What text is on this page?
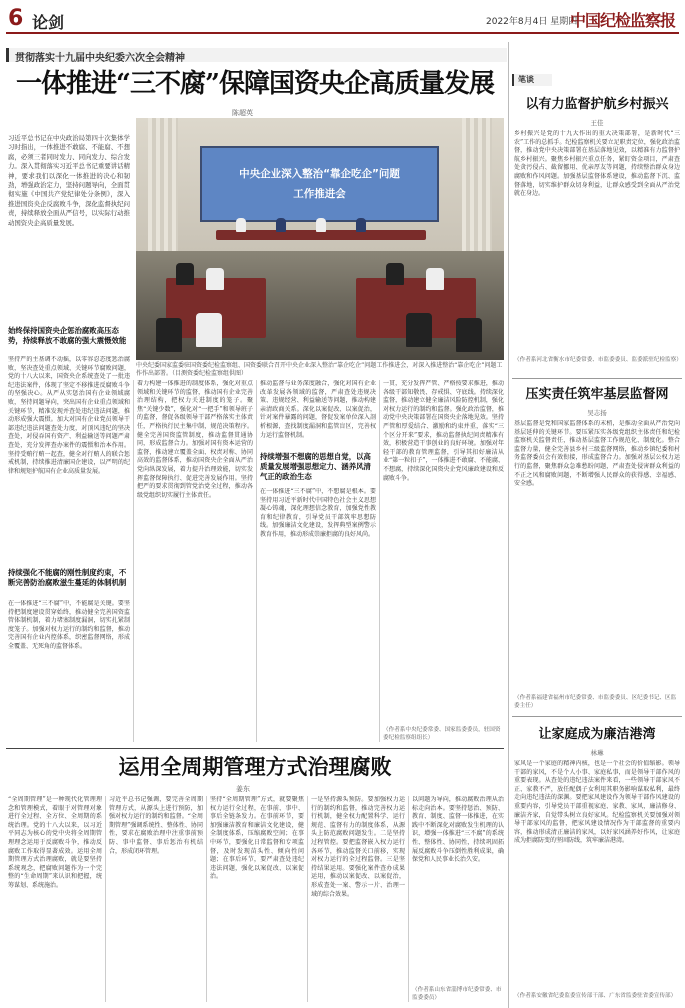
6 论剑	2022年8月4日 星期四
中国纪检监察报
贯彻落实十九届中央纪委六次全会精神
一体推进“三不腐”保障国资央企高质量发展
陈超英
习近平总书记在中央政治局第四十次集体学习时指出，一体推进不敢腐、不能腐、不想腐，必须三者同时发力、同向发力、综合发力。深入贯彻落实习近平总书记重要讲话精神，要求我们以深化一体推进的决心和韧劲，增强政治定力，坚持问题导向，全面贯彻实施《中国共产党纪律处分条例》，深入推进国资央企反腐败斗争，深化监督执纪问责，持续释放全面从严信号，以实际行动推动国资央企高质量发展。
中央企业深入整治“靠企吃企”问题
工作推进会
中央纪委国家监委驻国资委纪检监察组、国资委联合召开中央企业深入整治“靠企吃企”问题工作推进会，对深入推进整治“靠企吃企”问题工作作出部署。（目测资委纪检监察组供图）
始终保持国资央企惩治腐败高压态势，持续释放不敢腐的强大震慑效能
坚持严的主基调不动摇，以零容忍态度惩治腐败，坚决查处重点领域、关键环节腐败问题，党的十八大以来，国资央企系统查处了一批违纪违法案件，体现了坚定不移推进反腐败斗争的坚强决心。从严从实惩治国有企业领域腐败，坚持问题导向，突出国有企业重点领域和关键环节，精准发现并查处违纪违法问题，推动形成强大震慑。加大对国有企业党员领导干部违纪违法问题查处力度，对顶风违纪的坚决查处，对侵吞国有资产、利益输送等问题严肃查处，充分发挥查办案件的震慑和治本作用。坚持受贿行贿一起查，健全对行贿人的联合惩戒机制，持续推进清廉国企建设，以严明的纪律和规矩护航国有企业高质量发展。
持续强化不能腐的刚性制度约束，不断完善防治腐败滋生蔓延的体制机制
在一体推进“三不腐”中，不能腐是关键。要坚持把制度建设贯穿始终，推动健全完善国资监管体制机制，着力堵塞制度漏洞，切实扎紧制度笼子。加强对权力运行的制约和监督，推动完善国有企业内控体系，织密监督网络，形成全覆盖、无死角的监督体系。
着力构建一体推进的制度体系，强化对重点领域和关键环节的监督，推动国有企业完善治理结构，把权力关进制度的笼子。聚焦“关键少数”，强化对“一把手”和领导班子的监督，督促各级领导干部严格落实主体责任，严格执行民主集中制，规范决策程序。健全完善国资监管制度，推动监督贯通协同，形成监督合力。加强对国有资本运营的监督，推动建立覆盖全面、权责对称、协同高效的监督体系，推动国资央企全面从严治党向纵深发展，着力提升治理效能，切实发挥监督保障执行、促进完善发展作用。坚持把严的要求贯彻到管党治党全过程，推动各级党组织切实履行主体责任。
推动监督与业务深度融合，强化对国有企业改革发展各领域的监督，严肃查处违规决策、违规经营、利益输送等问题，推动构建亲清政商关系。深化以案促改、以案促治，针对案件暴露的问题，督促发案单位深入剖析根源，查找制度漏洞和监管盲区，完善权力运行监督机制。
持续增强不想腐的思想自觉，以高质量发展增强思想定力、涵养风清气正的政治生态
在一体推进“三不腐”中，不想腐是根本。要坚持用习近平新时代中国特色社会主义思想凝心铸魂，深化理想信念教育，加强党性教育和纪律教育，引导党员干部筑牢思想防线。加强廉洁文化建设，发挥典型案例警示教育作用，推动形成崇廉拒腐的良好风尚。
一贯，充分发挥严管、严格按要求推进，推动各级干部知敬畏、存戒惧、守底线。持续深化监督，推动建立健全廉洁风险防控机制，强化对权力运行的制约和监督。强化政治监督，推动党中央决策部署在国资央企落地见效。坚持严管和厚爱结合、激励和约束并重，落实“三个区分开来”要求，推动监督执纪问责精准有效，积极营造干事创业的良好环境。加强对年轻干部的教育管理监督，引导其扣好廉洁从业“第一粒扣子”，一体推进不敢腐、不能腐、不想腐，持续深化国资央企党风廉政建设和反腐败斗争。
（作者系中央纪委常委、国家监委委员，驻国资委纪检监察组组长）
笔谈
以有力监督护航乡村振兴
王佳
乡村振兴是党的十九大作出的重大决策部署，是新时代“三农”工作的总抓手。纪检监察机关要立足职责定位，强化政治监督，推动党中央决策部署在基层落地见效，以精准有力监督护航乡村振兴。聚焦乡村振兴重点任务，紧盯资金项目，严肃查处贪污侵占、截留挪用、优亲厚友等问题，持续整治群众身边腐败和作风问题。加强基层监督体系建设，推动监督下沉、监督落地，切实维护群众切身利益，让群众感受到全面从严治党就在身边。
（作者系河北省衡水市纪委常委、市监委委员、监委派驻纪检监察）
压实责任筑牢基层监督网
吴志扬
基层监督是党和国家监督体系的末梢，是推动全面从严治党向基层延伸的关键环节。要压紧压实各级党组织主体责任和纪检监察机关监督责任，推动基层监督工作规范化、制度化。整合监督力量，健全完善县乡村三级监督网络，推动乡镇纪委和村务监督委员会有效衔接，形成监督合力。加强对基层公权力运行的监督，聚焦群众急难愁盼问题，严肃查处侵害群众利益的不正之风和腐败问题，不断增强人民群众的获得感、幸福感、安全感。
（作者系福建省福州市纪委常委、市监委委员、区纪委书记、区监委主任）
让家庭成为廉洁港湾
林琳
家风是一个家庭的精神内核，也是一个社会的价值缩影。领导干部的家风，不是个人小事、家庭私事，而是领导干部作风的重要表现。从查处的违纪违法案件来看，一些领导干部家风不正、家教不严，放任配偶子女利用其职务影响谋取私利，最终走向违纪违法的深渊。要把家风建设作为领导干部作风建设的重要内容，引导党员干部重视家庭、家教、家风，廉洁修身、廉洁齐家，自觉带头树立良好家风。纪检监察机关要加强对领导干部家风的监督，把家风建设情况作为干部监督的重要内容，推动形成清正廉洁的家风，以好家风涵养好作风，让家庭成为拒腐防变的坚固防线，筑牢廉洁港湾。
（作者系安徽省纪委监委宣传部干部、广东省监委驻省委宣传部）
运用全周期管理方式治理腐败
姜东
“全周期管理”是一种现代化管理理念和管理模式，着眼于对管理对象进行全过程、全方位、全周期的系统治理。党的十八大以来，以习近平同志为核心的党中央将全周期管理理念运用于反腐败斗争，推动反腐败工作取得显著成效。运用全周期管理方式治理腐败，就是要坚持系统观念，把腐败问题作为一个完整的“生命周期”来认识和把握，统筹谋划、系统施治。
习近平总书记强调，要完善全周期管理方式，从源头上进行预防，加强对权力运行的制约和监督。“全周期管理”强调系统性、整体性、协同性，要求在腐败治理中注重事前预防、事中监督、事后惩治有机结合，形成闭环管理。
坚持“全周期管理”方式，就要聚焦权力运行全过程，在事前、事中、事后全链条发力。在事前环节，要加强廉洁教育和廉洁文化建设，健全制度体系，压缩腐败空间；在事中环节，要强化日常监督和专项监督，及时发现苗头性、倾向性问题；在事后环节，要严肃查处违纪违法问题，强化以案促改、以案促治。
一是坚持源头预防。要加强权力运行的制约和监督，推动完善权力运行机制，健全权力配置科学、运行规范、监督有力的制度体系，从源头上防范腐败问题发生。二是坚持过程管控。要把监督嵌入权力运行各环节，推动监督关口前移，实现对权力运行的全过程监督。三是坚持结果运用。要强化案件查办成果运用，推动以案促改、以案促治，形成查处一案、警示一片、治理一域的综合效果。
以问题为导向，推动腐败治理从治标走向治本。要坚持惩治、预防、教育、制度、监督一体推进，在实践中不断深化对腐败发生机理的认识，增强一体推进“三不腐”的系统性、整体性、协同性，持续巩固拓展反腐败斗争压倒性胜利成果，确保党和人民事业长治久安。
（作者系山东省淄博市纪委常委、市监委委员）
